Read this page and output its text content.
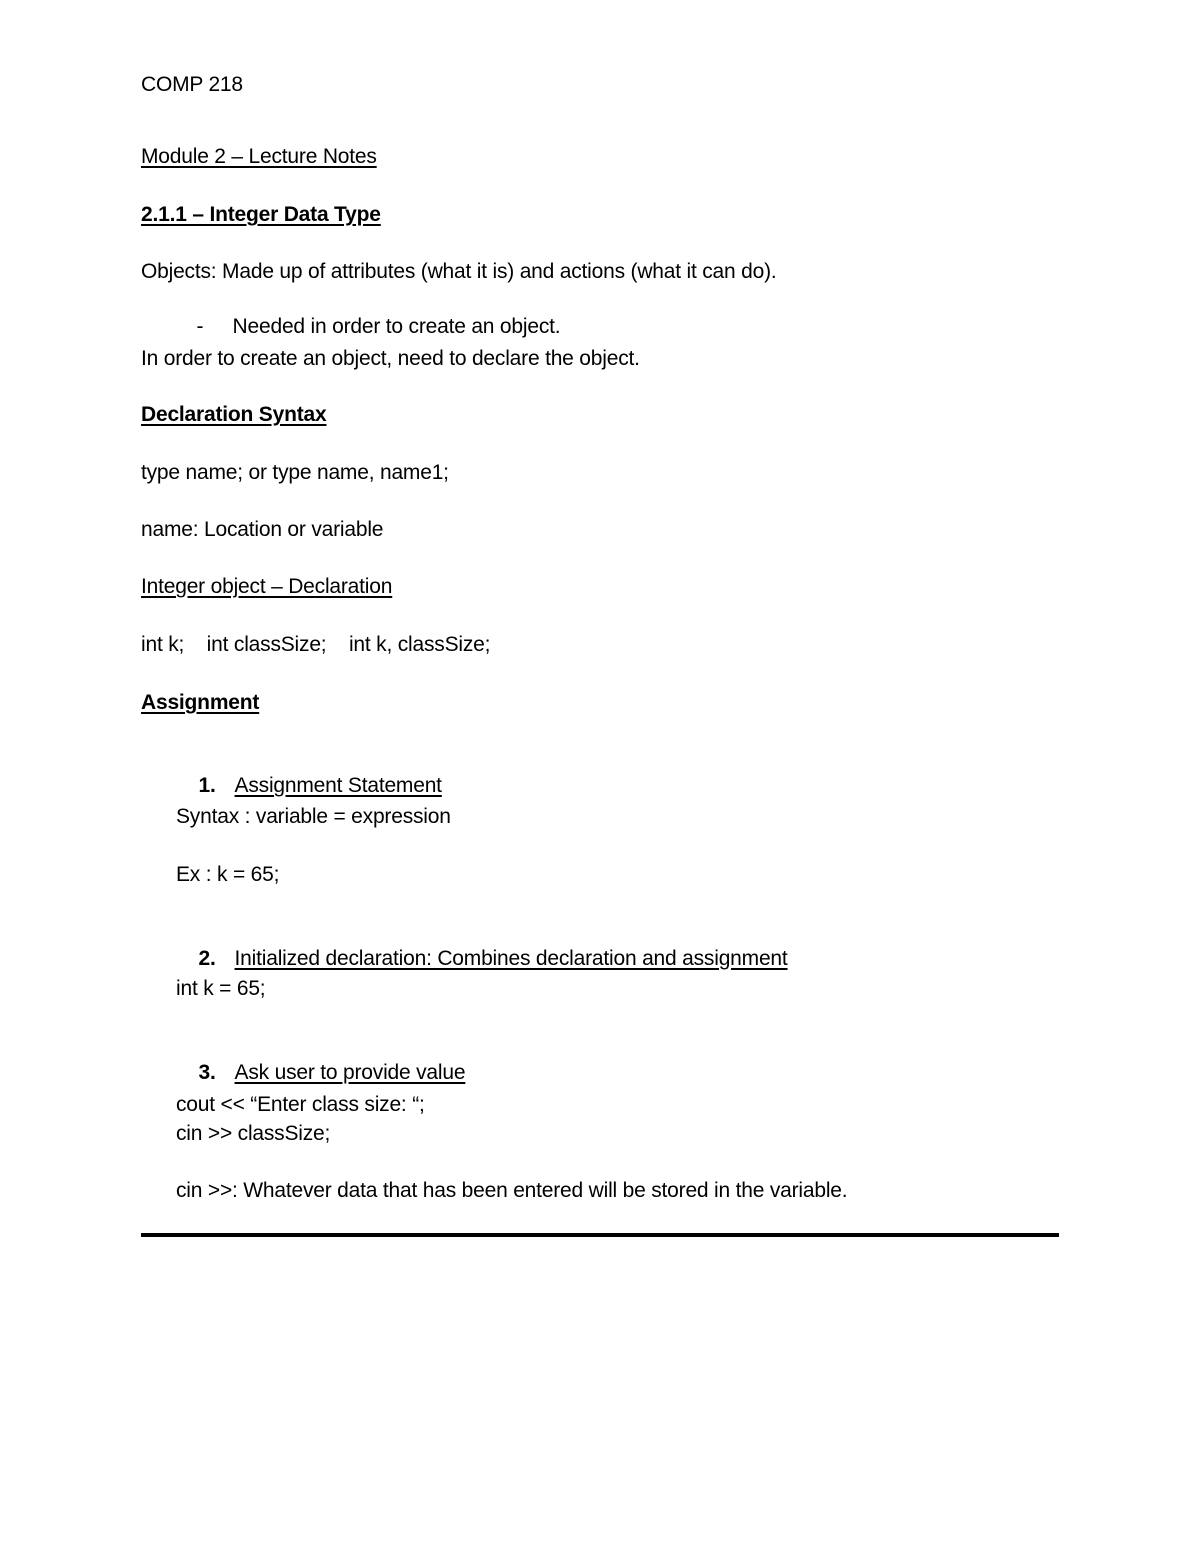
COMP 218
Module 2 – Lecture Notes
2.1.1 – Integer Data Type
Objects: Made up of attributes (what it is) and actions (what it can do).

- Needed in order to create an object.

In order to create an object, need to declare the object.
Declaration Syntax
type name; or type name, name1;
name: Location or variable
Integer object – Declaration
int k;    int classSize;    int k, classSize;
Assignment

1. Assignment Statement

Syntax : variable = expression
Ex : k = 65;

2. Initialized declaration: Combines declaration and assignment

int k = 65;

3. Ask user to provide value

cout << “Enter class size: “;
cin >> classSize;
cin >>: Whatever data that has been entered will be stored in the variable.
